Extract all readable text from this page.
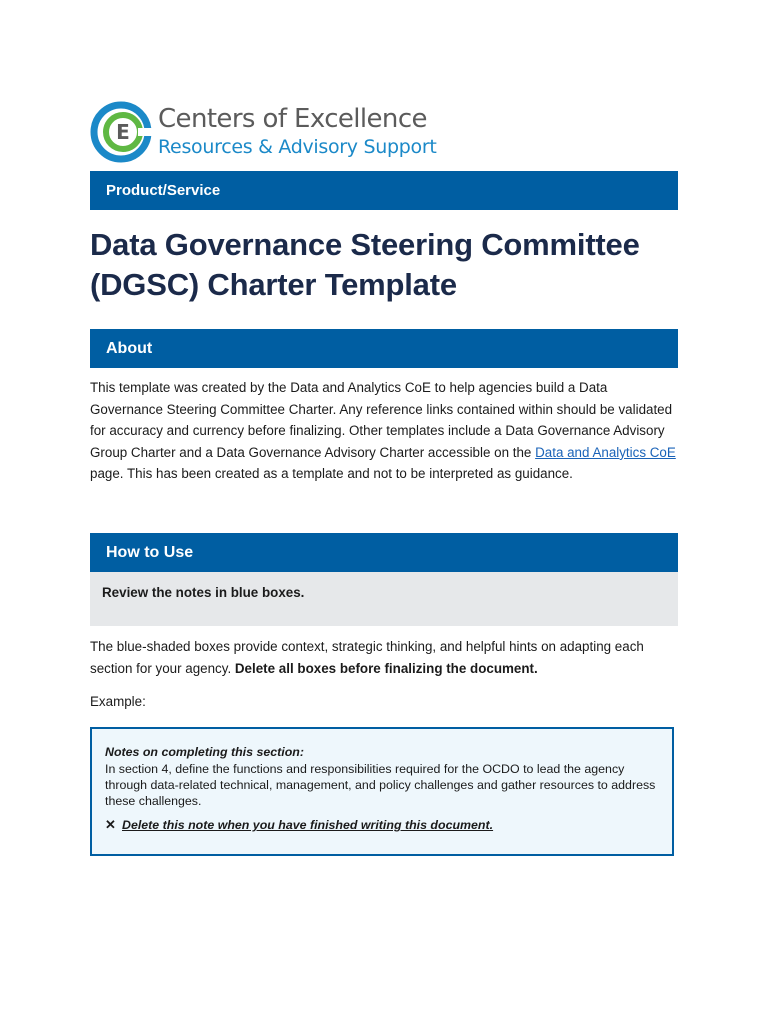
E Centers of Excellence
Resources & Advisory Support
Product/Service
Data Governance Steering Committee (DGSC) Charter Template
About

This template was created by the Data and Analytics CoE to help agencies build a Data Governance Steering Committee Charter. Any reference links contained within should be validated for accuracy and currency before finalizing. Other templates include a Data Governance Advisory Group Charter and a Data Governance Advisory Charter accessible on the Data and Analytics CoE page. This has been created as a template and not to be interpreted as guidance.

How to Use
Review the notes in blue boxes.

The blue-shaded boxes provide context, strategic thinking, and helpful hints on adapting each section for your agency. Delete all boxes before finalizing the document.

Example:

Notes on completing this section:
In section 4, define the functions and responsibilities required for the OCDO to lead the agency through data-related technical, management, and policy challenges and gather resources to address these challenges.
✕ Delete this note when you have finished writing this document.
